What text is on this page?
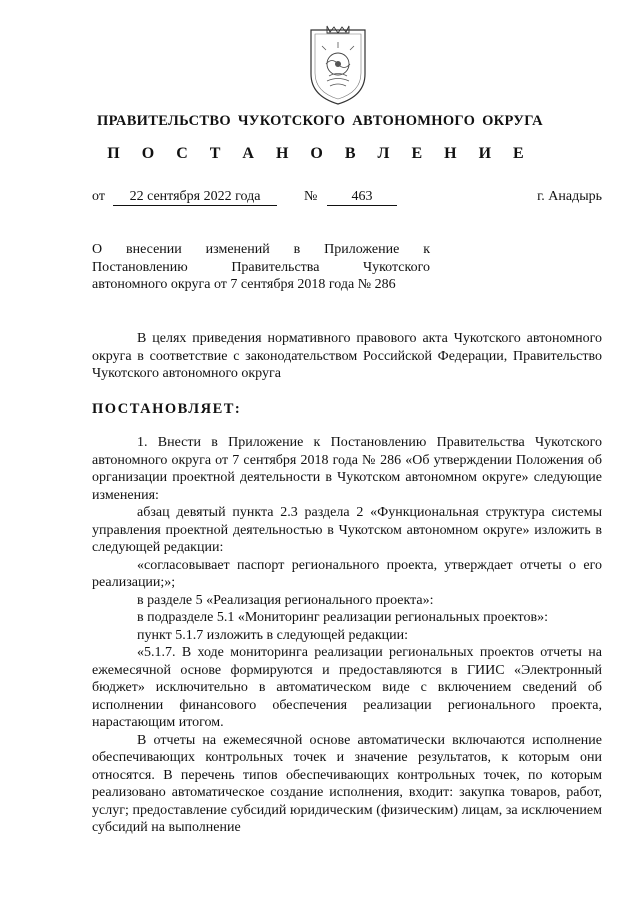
ПРАВИТЕЛЬСТВО ЧУКОТСКОГО АВТОНОМНОГО ОКРУГА
П О С Т А Н О В Л Е Н И Е
от	22 сентября 2022 года	№	463	г. Анадырь
О внесении изменений в Приложение к
Постановлению Правительства Чукотского
автономного округа от 7 сентября 2018 года № 286

В целях приведения нормативного правового акта Чукотского автономного округа в соответствие с законодательством Российской Федерации, Правительство Чукотского автономного округа

ПОСТАНОВЛЯЕТ:

1. Внести в Приложение к Постановлению Правительства Чукотского автономного округа от 7 сентября 2018 года № 286 «Об утверждении Положения об организации проектной деятельности в Чукотском автономном округе» следующие изменения:

абзац девятый пункта 2.3 раздела 2 «Функциональная структура системы управления проектной деятельностью в Чукотском автономном округе» изложить в следующей редакции:

«согласовывает паспорт регионального проекта, утверждает отчеты о его реализации;»;

в разделе 5 «Реализация регионального проекта»:

в подразделе 5.1 «Мониторинг реализации региональных проектов»:

пункт 5.1.7 изложить в следующей редакции:

«5.1.7. В ходе мониторинга реализации региональных проектов отчеты на ежемесячной основе формируются и предоставляются в ГИИС «Электронный бюджет» исключительно в автоматическом виде с включением сведений об исполнении финансового обеспечения реализации регионального проекта, нарастающим итогом.

В отчеты на ежемесячной основе автоматически включаются исполнение обеспечивающих контрольных точек и значение результатов, к которым они относятся. В перечень типов обеспечивающих контрольных точек, по которым реализовано автоматическое создание исполнения, входит: закупка товаров, работ, услуг; предоставление субсидий юридическим (физическим) лицам, за исключением субсидий на выполнение
